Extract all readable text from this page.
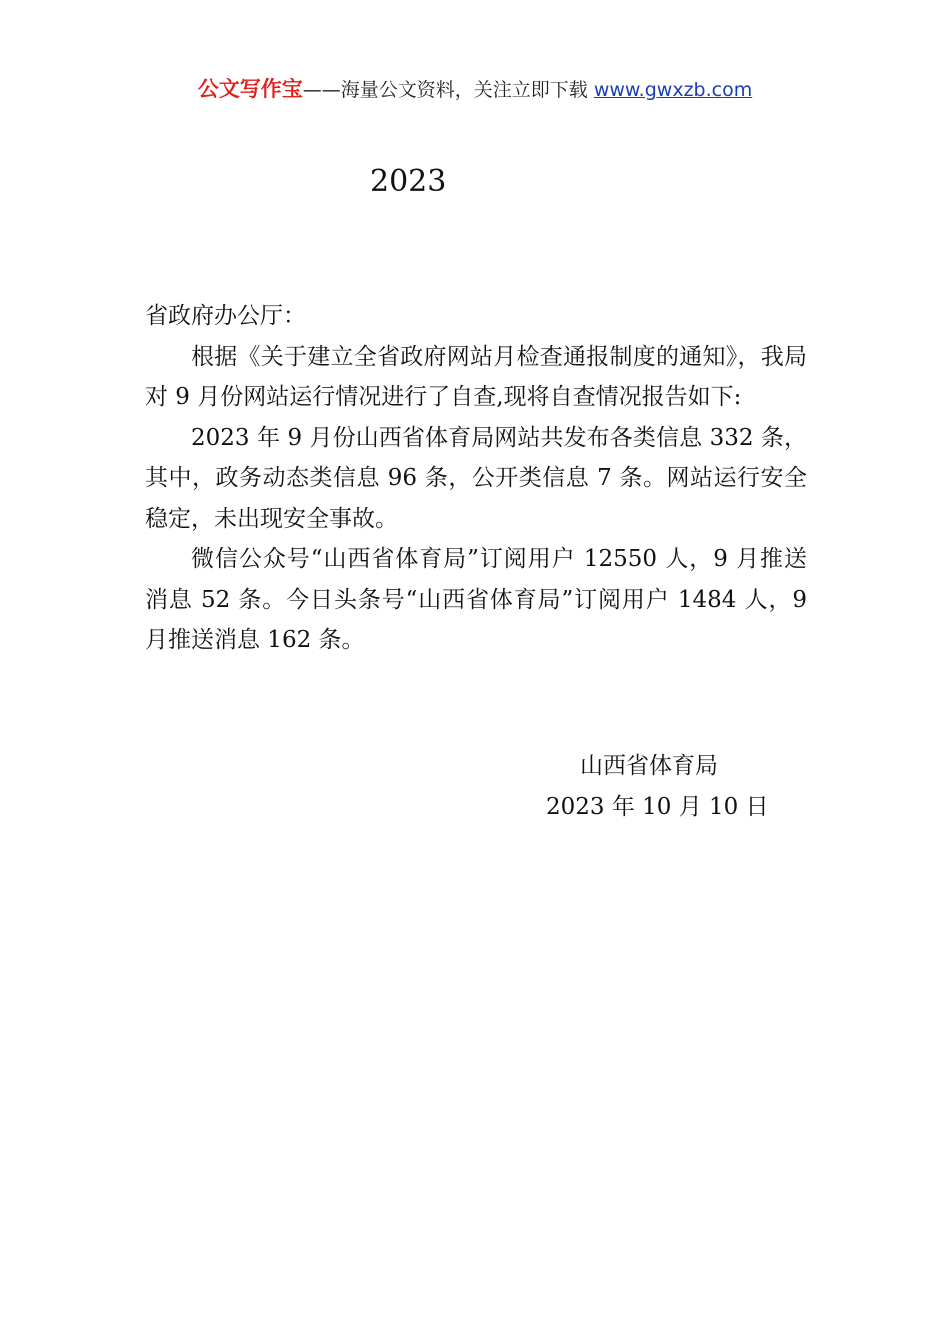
公文写作宝——海量公文资料，关注立即下载 www.gwxzb.com
2023

省政府办公厅：

根据《关于建立全省政府网站月检查通报制度的通知》，我局对 9 月份网站运行情况进行了自查,现将自查情况报告如下:

2023 年 9 月份山西省体育局网站共发布各类信息 332 条，其中，政务动态类信息 96 条，公开类信息 7 条。网站运行安全稳定，未出现安全事故。

微信公众号“山西省体育局”订阅用户 12550 人，9 月推送消息 52 条。今日头条号“山西省体育局”订阅用户 1484 人，9 月推送消息 162 条。

山西省体育局
2023 年 10 月 10 日
